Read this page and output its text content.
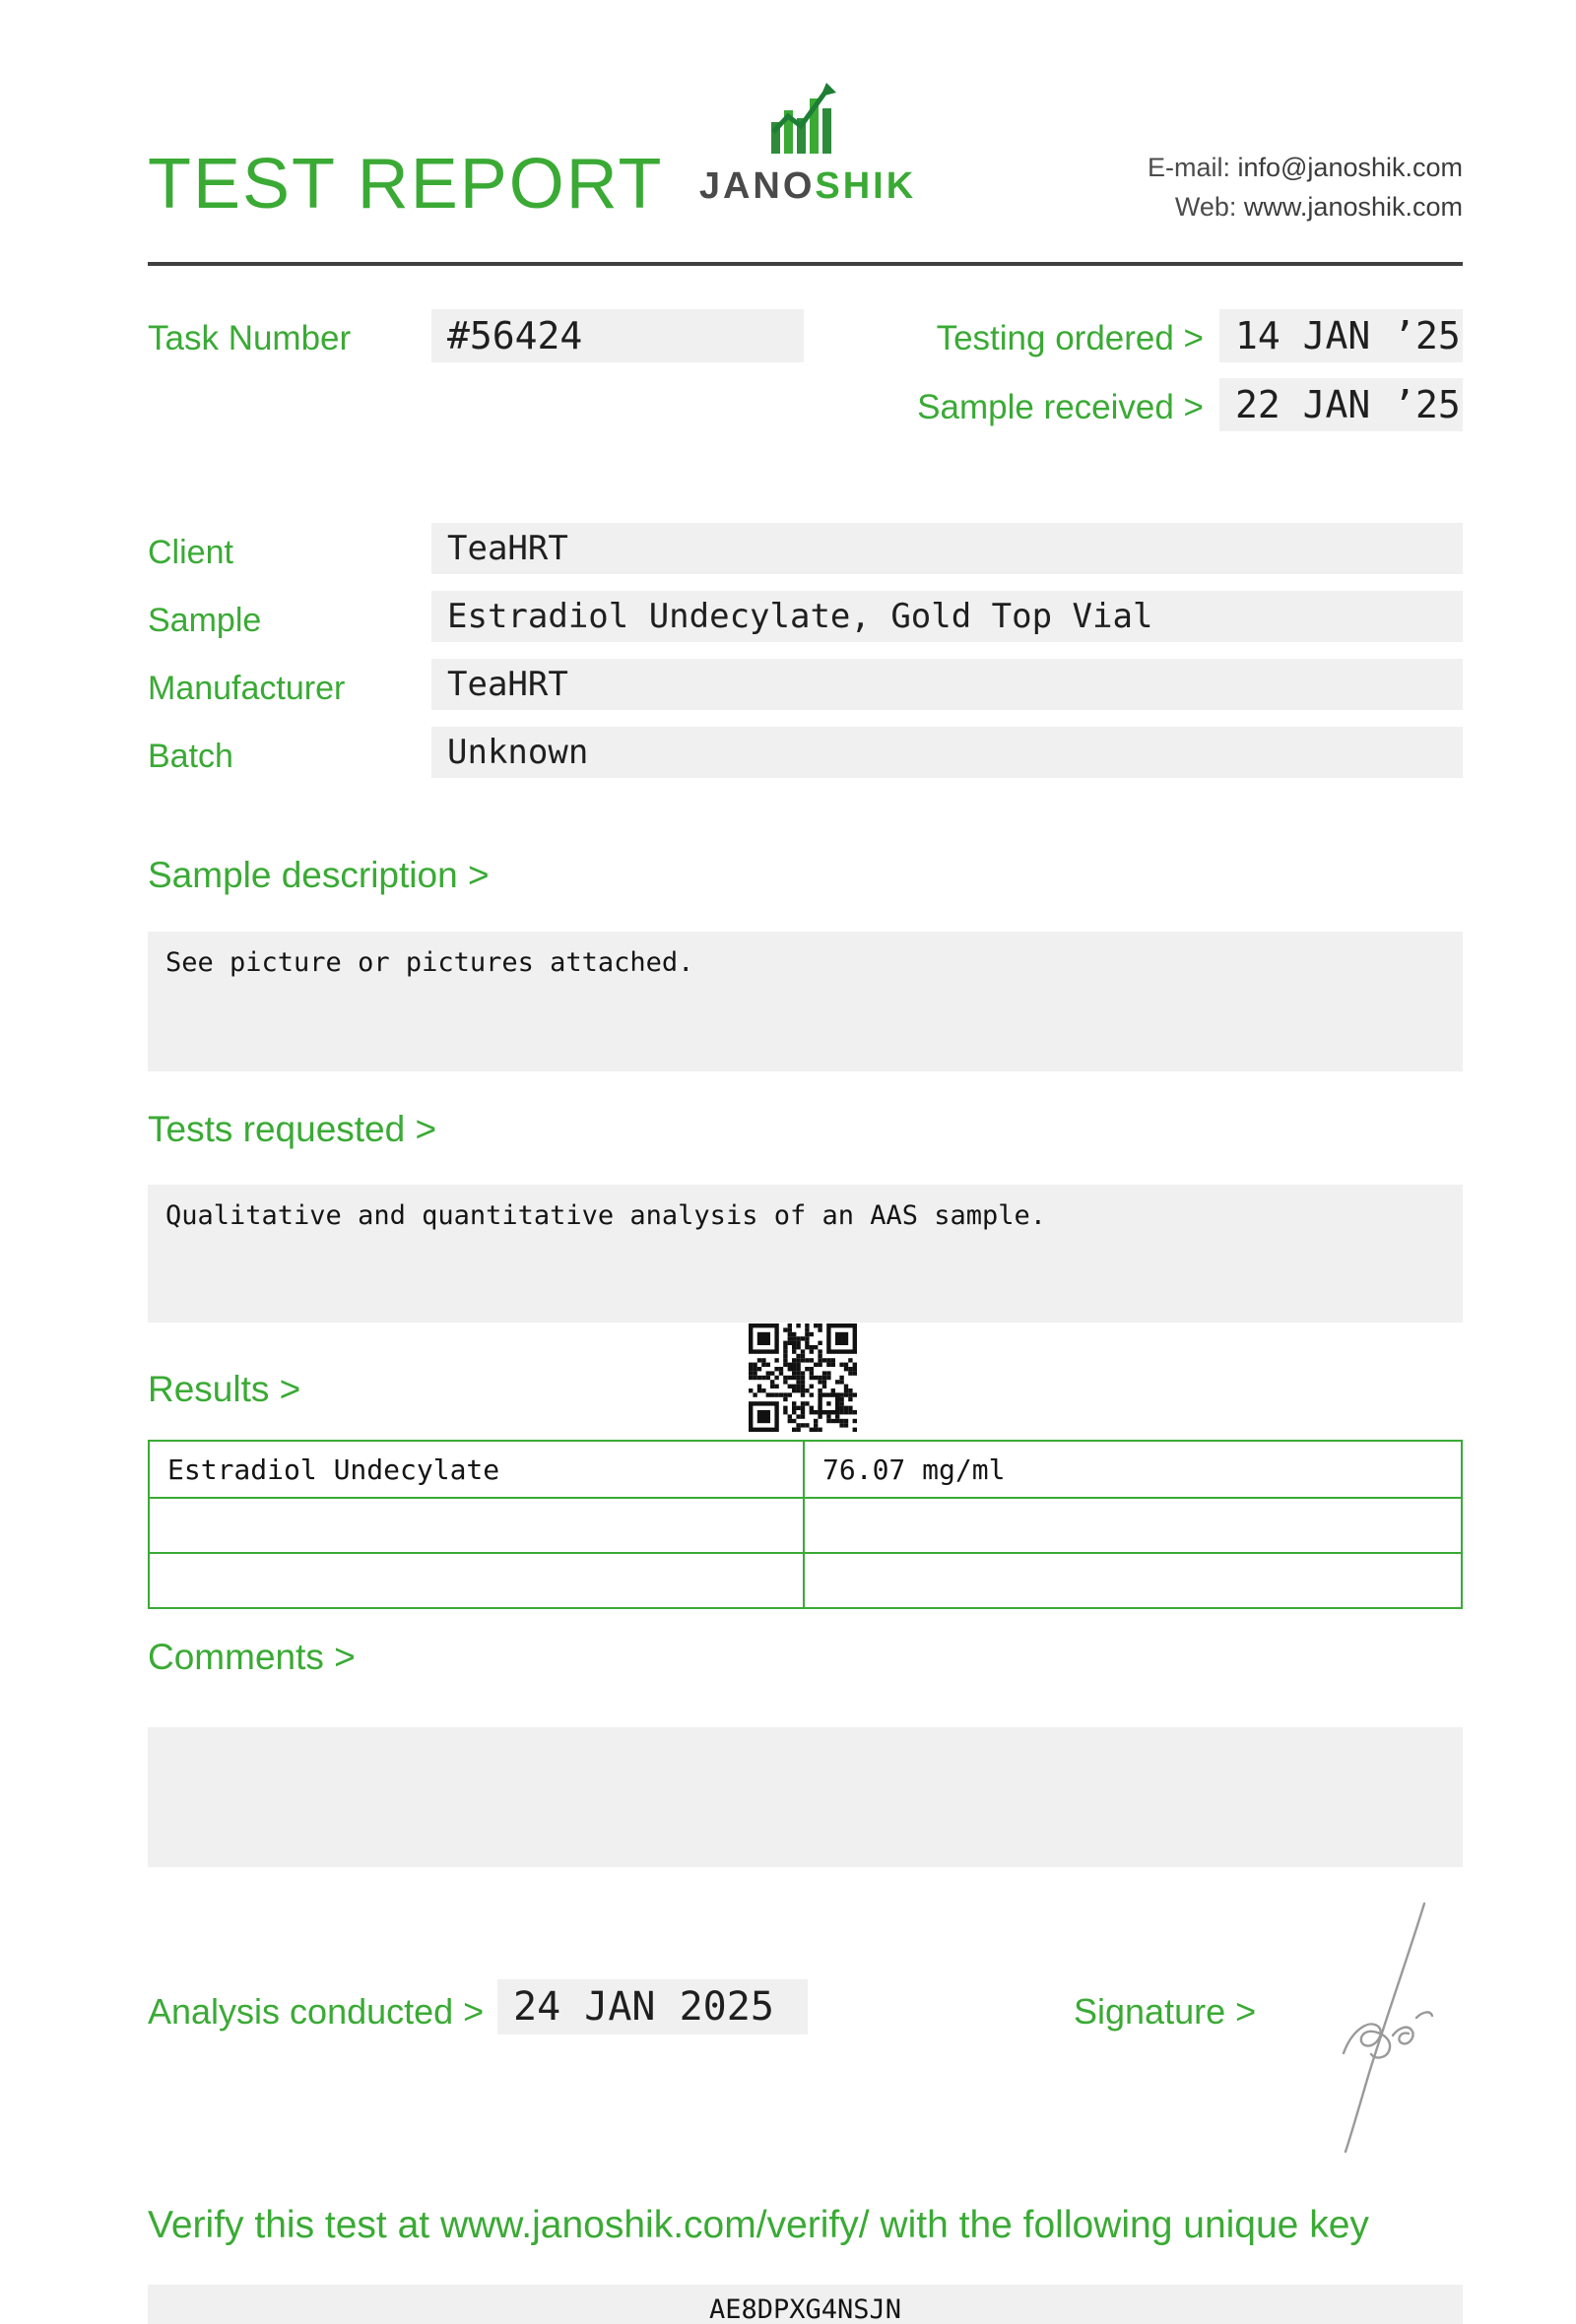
TEST REPORT JANOSHIK	E-mail: info@janoshik.com
Web: www.janoshik.com
Task Number	#56424	Testing ordered > 14 JAN ’25
Sample received > 22 JAN ’25
Client	TeaHRT
Sample	Estradiol Undecylate, Gold Top Vial
Manufacturer	TeaHRT
Batch	Unknown
Sample description >
See picture or pictures attached.
Tests requested >
Qualitative and quantitative analysis of an AAS sample.
Results >
Estradiol Undecylate	76.07 mg/ml
Comments >
Analysis conducted > 24 JAN 2025	Signature >
Verify this test at www.janoshik.com/verify/ with the following unique key
AE8DPXG4NSJN
